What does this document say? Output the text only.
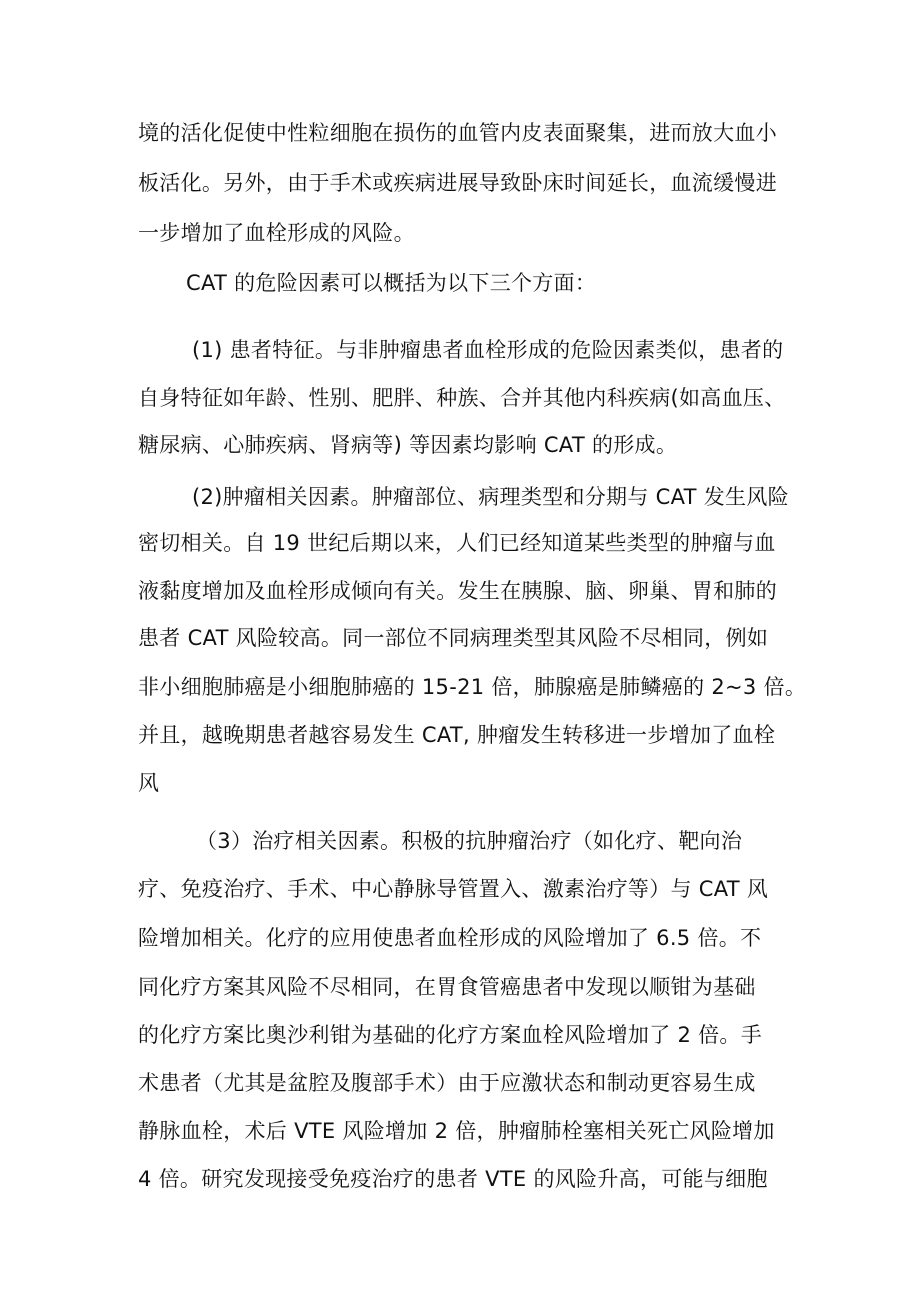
境的活化促使中性粒细胞在损伤的血管内皮表面聚集，进而放大血小
板活化。另外，由于手术或疾病进展导致卧床时间延长，血流缓慢进
一步增加了血栓形成的风险。
CAT 的危险因素可以概括为以下三个方面：
(1) 患者特征。与非肿瘤患者血栓形成的危险因素类似，患者的
自身特征如年龄、性别、肥胖、种族、合并其他内科疾病(如高血压、
糖尿病、心肺疾病、肾病等) 等因素均影响 CAT 的形成。
(2)肿瘤相关因素。肿瘤部位、病理类型和分期与 CAT 发生风险
密切相关。自 19 世纪后期以来，人们已经知道某些类型的肿瘤与血
液黏度增加及血栓形成倾向有关。发生在胰腺、脑、卵巢、胃和肺的
患者 CAT 风险较高。同一部位不同病理类型其风险不尽相同，例如
非小细胞肺癌是小细胞肺癌的 15-21 倍，肺腺癌是肺鳞癌的 2~3 倍。
并且，越晚期患者越容易发生 CAT, 肿瘤发生转移进一步增加了血栓
风
（3）治疗相关因素。积极的抗肿瘤治疗（如化疗、靶向治
疗、免疫治疗、手术、中心静脉导管置入、激素治疗等）与 CAT 风
险增加相关。化疗的应用使患者血栓形成的风险增加了 6.5 倍。不
同化疗方案其风险不尽相同，在胃食管癌患者中发现以顺钳为基础
的化疗方案比奥沙利钳为基础的化疗方案血栓风险增加了 2 倍。手
术患者（尤其是盆腔及腹部手术）由于应激状态和制动更容易生成
静脉血栓，术后 VTE 风险增加 2 倍，肿瘤肺栓塞相关死亡风险增加
4 倍。研究发现接受免疫治疗的患者 VTE 的风险升高，可能与细胞
